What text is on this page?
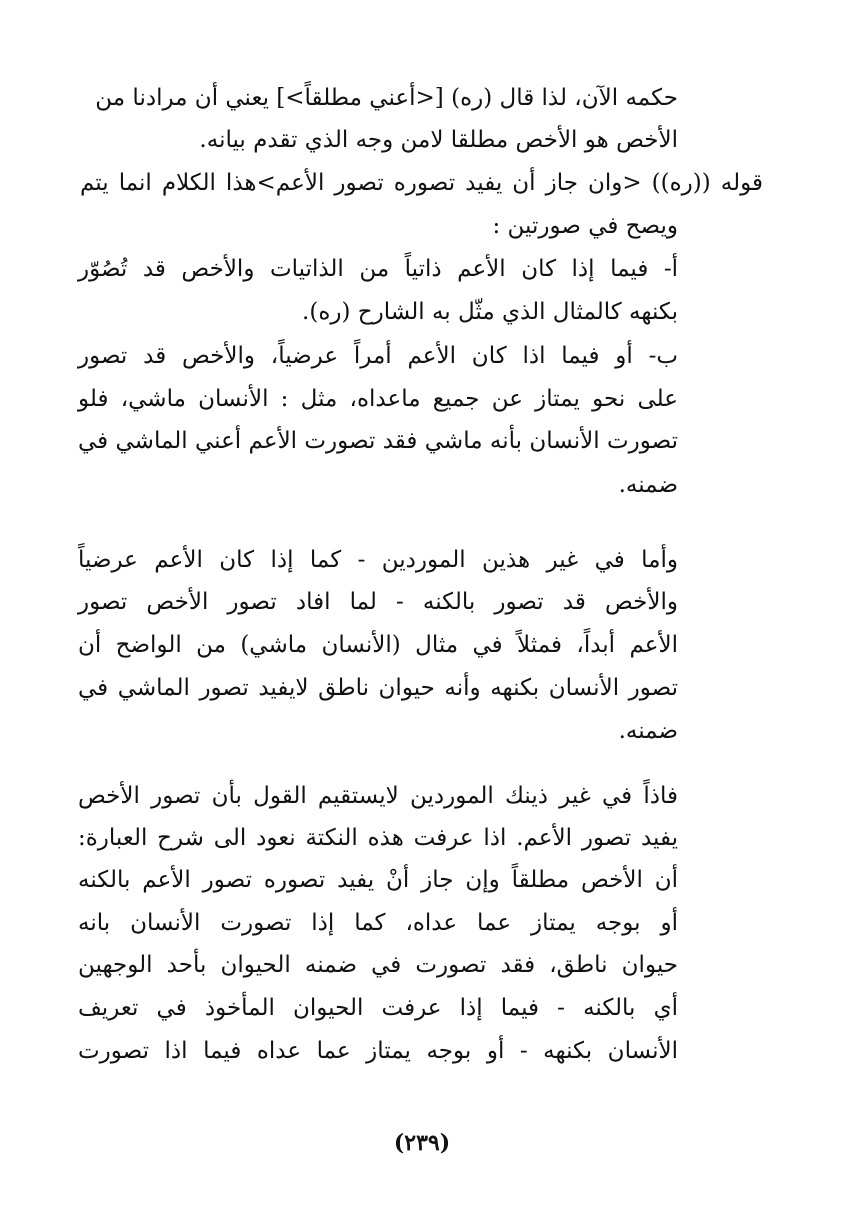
حكمه الآن، لذا قال (ره) [<أعني مطلقاً>] يعني أن مرادنا من
الأخص هو الأخص مطلقا لامن وجه الذي تقدم بيانه.
قوله ((ره)) <وان جاز أن يفيد تصوره تصور الأعم>هذا الكلام انما يتم
ويصح في صورتين :
أ- فيما إذا كان الأعم ذاتياً من الذاتيات والأخص قد تُصُوّر
بكنهه كالمثال الذي مثّل به الشارح (ره).
ب- أو فيما اذا كان الأعم أمراً عرضياً، والأخص قد تصور
على نحو يمتاز عن جميع ماعداه، مثل : الأنسان ماشي، فلو
تصورت الأنسان بأنه ماشي فقد تصورت الأعم أعني الماشي في
ضمنه.
وأما في غير هذين الموردين - كما إذا كان الأعم عرضياً
والأخص قد تصور بالكنه - لما افاد تصور الأخص تصور
الأعم أبداً، فمثلاً في مثال (الأنسان ماشي) من الواضح أن
تصور الأنسان بكنهه وأنه حيوان ناطق لايفيد تصور الماشي في
ضمنه.
فاذاً في غير ذينك الموردين لايستقيم القول بأن تصور الأخص
يفيد تصور الأعم. اذا عرفت هذه النكتة نعود الى شرح العبارة:
أن الأخص مطلقاً وإن جاز أنْ يفيد تصوره تصور الأعم بالكنه
أو بوجه يمتاز عما عداه، كما إذا تصورت الأنسان بانه
حيوان ناطق، فقد تصورت في ضمنه الحيوان بأحد الوجهين
أي بالكنه - فيما إذا عرفت الحيوان المأخوذ في تعريف
الأنسان بكنهه - أو بوجه يمتاز عما عداه فيما اذا تصورت
(٢٣٩)
